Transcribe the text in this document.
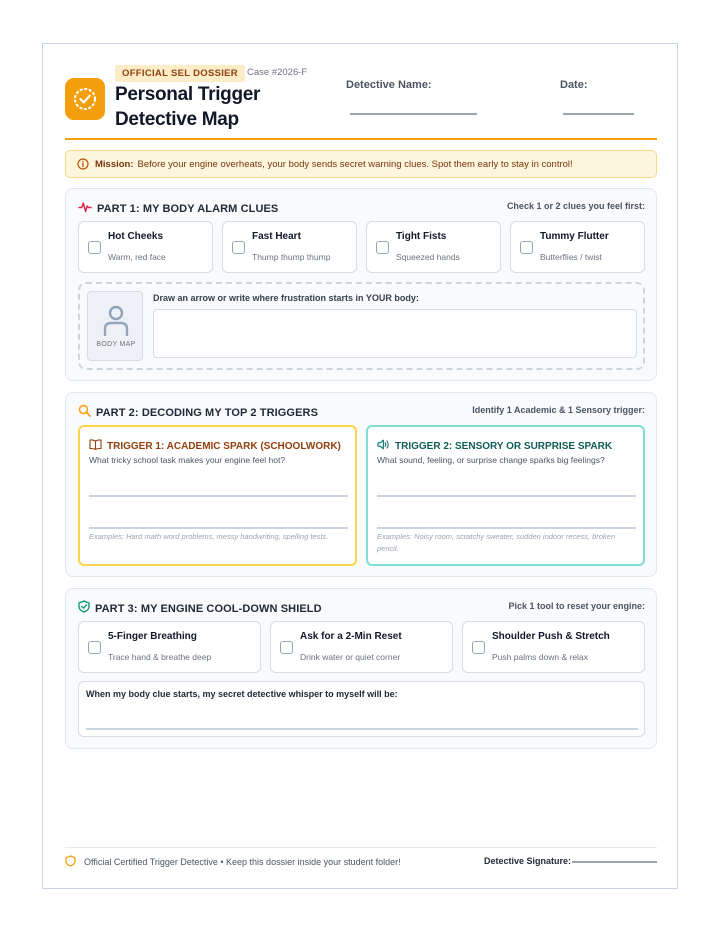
OFFICIAL SEL DOSSIER Case #2026-F
Personal Trigger Detective Map
Detective Name:	Date:
Mission: Before your engine overheats, your body sends secret warning clues. Spot them early to stay in control!
PART 1: MY BODY ALARM CLUES	Check 1 or 2 clues you feel first:
Hot Cheeks
Warm, red face
Fast Heart
Thump thump thump
Tight Fists
Squeezed hands
Tummy Flutter
Butterflies / twist
BODY MAP
Draw an arrow or write where frustration starts in YOUR body:
PART 2: DECODING MY TOP 2 TRIGGERS	Identify 1 Academic & 1 Sensory trigger:
TRIGGER 1: ACADEMIC SPARK (SCHOOLWORK)
What tricky school task makes your engine feel hot?
Examples: Hard math word problems, messy handwriting, spelling tests.
TRIGGER 2: SENSORY OR SURPRISE SPARK
What sound, feeling, or surprise change sparks big feelings?
Examples: Noisy room, scratchy sweater, sudden indoor recess, broken pencil.
PART 3: MY ENGINE COOL-DOWN SHIELD	Pick 1 tool to reset your engine:
5-Finger Breathing
Trace hand & breathe deep
Ask for a 2-Min Reset
Drink water or quiet corner
Shoulder Push & Stretch
Push palms down & relax
When my body clue starts, my secret detective whisper to myself will be:
Official Certified Trigger Detective • Keep this dossier inside your student folder!	Detective Signature:
